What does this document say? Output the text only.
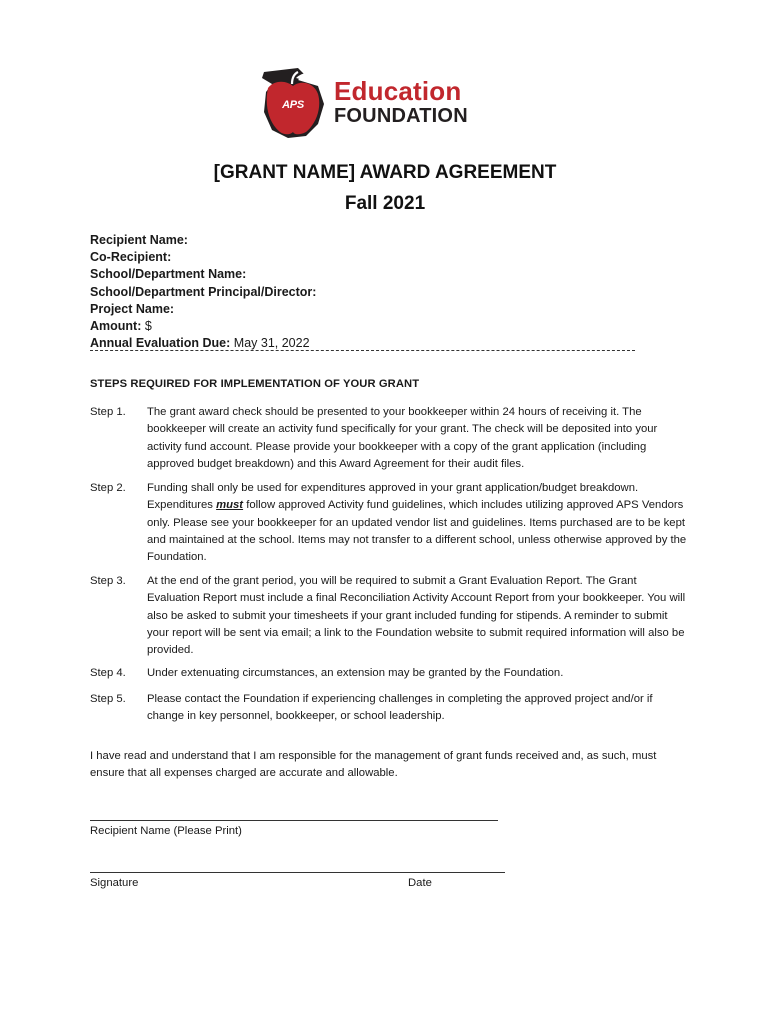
APS Education
FOUNDATION
[GRANT NAME] AWARD AGREEMENT
Fall 2021
Recipient Name:
Co-Recipient:
School/Department Name:
School/Department Principal/Director:
Project Name:
Amount: $
Annual Evaluation Due: May 31, 2022
STEPS REQUIRED FOR IMPLEMENTATION OF YOUR GRANT
Step 1.	The grant award check should be presented to your bookkeeper within 24 hours of receiving it. The bookkeeper will create an activity fund specifically for your grant. The check will be deposited into your activity fund account. Please provide your bookkeeper with a copy of the grant application (including approved budget breakdown) and this Award Agreement for their audit files.
Step 2.	Funding shall only be used for expenditures approved in your grant application/budget breakdown. Expenditures must follow approved Activity fund guidelines, which includes utilizing approved APS Vendors only. Please see your bookkeeper for an updated vendor list and guidelines. Items purchased are to be kept and maintained at the school. Items may not transfer to a different school, unless otherwise approved by the Foundation.
Step 3.	At the end of the grant period, you will be required to submit a Grant Evaluation Report. The Grant Evaluation Report must include a final Reconciliation Activity Account Report from your bookkeeper. You will also be asked to submit your timesheets if your grant included funding for stipends. A reminder to submit your report will be sent via email; a link to the Foundation website to submit required information will also be provided.
Step 4.	Under extenuating circumstances, an extension may be granted by the Foundation.
Step 5.	Please contact the Foundation if experiencing challenges in completing the approved project and/or if change in key personnel, bookkeeper, or school leadership.
I have read and understand that I am responsible for the management of grant funds received and, as such, must ensure that all expenses charged are accurate and allowable.
Recipient Name (Please Print)
Signature	Date
